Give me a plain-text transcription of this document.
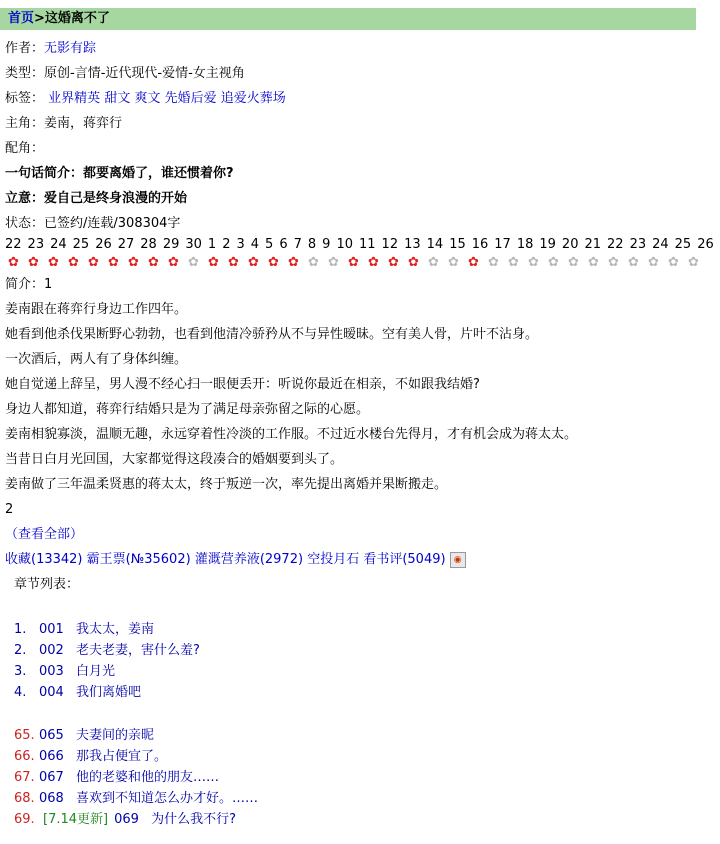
首页>这婚离不了
作者：无影有踪
类型：原创-言情-近代现代-爱情-女主视角
标签： 业界精英 甜文 爽文 先婚后爱 追爱火葬场
主角：姜南，蒋弈行
配角：
一句话简介：都要离婚了，谁还惯着你?
立意：爱自己是终身浪漫的开始
状态：已签约/连载/308304字
22 23 24 25 26 27 28 29 30 1 2 3 4 5 6 7 8 9 10 11 12 13 14 15 16 17 18 19 20 21 22 23 24 25 26
✿ ✿ ✿ ✿ ✿ ✿ ✿ ✿ ✿ ✿ ✿ ✿ ✿ ✿ ✿ ✿ ✿ ✿ ✿ ✿ ✿ ✿ ✿ ✿ ✿ ✿ ✿ ✿ ✿ ✿ ✿ ✿ ✿ ✿ ✿
简介：1
姜南跟在蒋弈行身边工作四年。
她看到他杀伐果断野心勃勃，也看到他清冷骄矜从不与异性暧昧。空有美人骨，片叶不沾身。
一次酒后，两人有了身体纠缠。
她自觉递上辞呈，男人漫不经心扫一眼便丢开：听说你最近在相亲，不如跟我结婚?
身边人都知道，蒋弈行结婚只是为了满足母亲弥留之际的心愿。
姜南相貌寡淡，温顺无趣，永远穿着性冷淡的工作服。不过近水楼台先得月，才有机会成为蒋太太。
当昔日白月光回国，大家都觉得这段凑合的婚姻要到头了。
姜南做了三年温柔贤惠的蒋太太，终于叛逆一次，率先提出离婚并果断搬走。
2
（查看全部）
收藏(13342) 霸王票(№35602) 灌溉营养液(2972) 空投月石 看书评(5049) ◉
章节列表：
1. 001 我太太，姜南
2. 002 老夫老妻，害什么羞?
3. 003 白月光
4. 004 我们离婚吧
65. 065 夫妻间的亲昵
66. 066 那我占便宜了。
67. 067 他的老婆和他的朋友……
68. 068 喜欢到不知道怎么办才好。……
69. [7.14更新] 069 为什么我不行?
